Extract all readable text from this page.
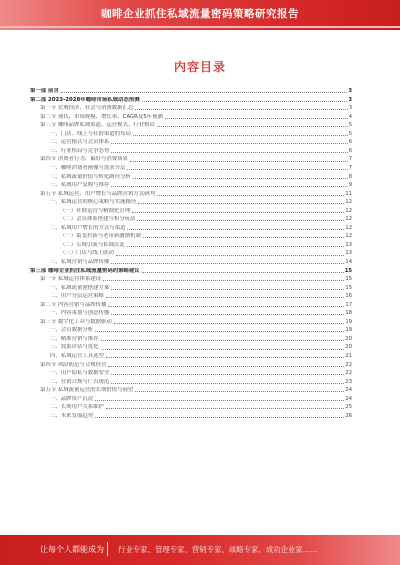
咖啡企业抓住私域流量密码策略研究报告
内容目录
第一部 前言	3
第二部 2023-2028年咖啡市场私域动态预测	3
第一节 宏观经济、社会与消费数据汇总	3
第二节 现状、市场规模、增长率、CAGR及5年预测	4
第三节 咖啡品牌私域渠道、运营模式、行业格局	5
一、门店、线上与社群渠道的布局	5
二、运营模式与会员体系	6
三、行业格局与竞争态势	6
第四节 消费者行为、偏好与消费场景	7
一、咖啡消费者画像与需求分层	7
二、私域流量价值与转化路径分析	8
三、私域用户复购与推荐	9
第五节 私域运营、用户增长与品牌营销方式研判	11
一、私域运营的核心策略与实施路径	12
（一）社群运营与精细化管理	12
（二）会员体系搭建与积分玩法	12
二、私域用户增长的方式与渠道	12
（一）裂变拉新与老带新激励机制	12
（二）公域引流与私域沉淀	13
（三）门店与线上联动	13
三、私域营销与品牌传播	14
第三部 咖啡企业抓住私域流量密码的策略建议	15
第一节 私域运营体系建设	15
一、私域流量池搭建方案	15
二、用户分层运营策略	16
第二节 内容营销与品牌传播	17
一、内容策划与创意传播	18
第三节 数字化工具与数据驱动	19
一、会员数据分析	19
二、精准营销与推荐	20
三、效果评估与优化	20
四、私域运营工具选型	21
第四节 风险防范与合规经营	22
一、用户隐私与数据安全	22
二、营销合规与广告规范	23
第五节 私域流量运营的长期价值与展望	24
一、品牌资产沉淀	24
二、长期用户关系维护	25
三、未来发展趋势	26
让每个人都能成为 行业专家、管理专家、营销专家、战略专家、成功企业家……
